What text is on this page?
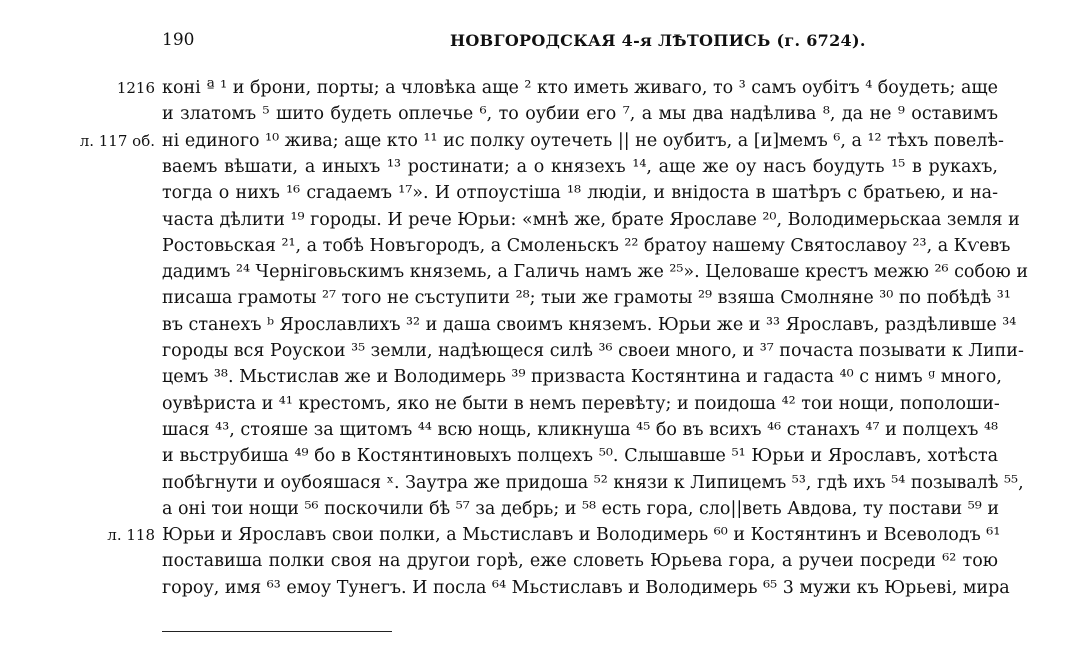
190	НОВГОРОДСКАЯ 4-я ЛѢТОПИСЬ (г. 6724).
коні ª ¹ и брони, порты; а чловѣка аще ² кто иметь живаго, то ³ самъ оубітъ ⁴ боудеть; аще
и златомъ ⁵ шито будеть оплечье ⁶, то оубии его ⁷, а мы два надѣлива ⁸, да не ⁹ оставимъ
ні единого ¹⁰ жива; аще кто ¹¹ ис полку оутечеть || не оубитъ, а [и]мемъ ⁶, а ¹² тѣхъ повелѣ-
ваемъ вѣшати, а иныхъ ¹³ ростинати; а о князехъ ¹⁴, аще же оу насъ боудуть ¹⁵ в рукахъ,
тогда о нихъ ¹⁶ сгадаемъ ¹⁷». И отпоустіша ¹⁸ людіи, и внідоста в шатѣръ с братьею, и на-
часта дѣлити ¹⁹ городы. И рече Юрьи: «мнѣ же, брате Ярославе ²⁰, Володимерьскаа земля и
Ростовьская ²¹, а тобѣ Новъгородъ, а Смоленьскъ ²² братоу нашему Святославоу ²³, а Кѵевъ
дадимъ ²⁴ Черніговьскимъ княземь, а Галичь намъ же ²⁵». Целоваше крестъ межю ²⁶ собою и
писаша грамоты ²⁷ того не съступити ²⁸; тыи же грамоты ²⁹ взяша Смолняне ³⁰ по побѣдѣ ³¹
въ станехъ ᵇ Ярославлихъ ³² и даша своимъ княземъ. Юрьи же и ³³ Ярославъ, раздѣливше ³⁴
городы вся Роускои ³⁵ земли, надѣющеся силѣ ³⁶ своеи много, и ³⁷ почаста позывати к Липи-
цемъ ³⁸. Мьстислав же и Володимерь ³⁹ призваста Костянтина и гадаста ⁴⁰ с нимъ ᵍ много,
оувѣриста и ⁴¹ крестомъ, яко не быти в немъ перевѣту; и поидоша ⁴² тои нощи, пополоши-
шася ⁴³, стояше за щитомъ ⁴⁴ всю нощь, кликнуша ⁴⁵ бо въ всихъ ⁴⁶ станахъ ⁴⁷ и полцехъ ⁴⁸
и вьструбиша ⁴⁹ бо в Костянтиновыхъ полцехъ ⁵⁰. Слышавше ⁵¹ Юрьи и Ярославъ, хотѣста
побѣгнути и оубояшася ˣ. Заутра же придоша ⁵² князи к Липицемъ ⁵³, гдѣ ихъ ⁵⁴ позывалѣ ⁵⁵,
а оні тои нощи ⁵⁶ поскочили бѣ ⁵⁷ за дебрь; и ⁵⁸ есть гора, сло||веть Авдова, ту постави ⁵⁹ и
Юрьи и Ярославъ свои полки, а Мьстиславъ и Володимерь ⁶⁰ и Костянтинъ и Всеволодъ ⁶¹
поставиша полки своя на другои горѣ, еже словеть Юрьева гора, а ручеи посреди ⁶² тою
гороу, имя ⁶³ емоу Тунегъ. И посла ⁶⁴ Мьстиславъ и Володимерь ⁶⁵ 3 мужи къ Юрьеві, мира
1216
л. 117 об.
л. 118
